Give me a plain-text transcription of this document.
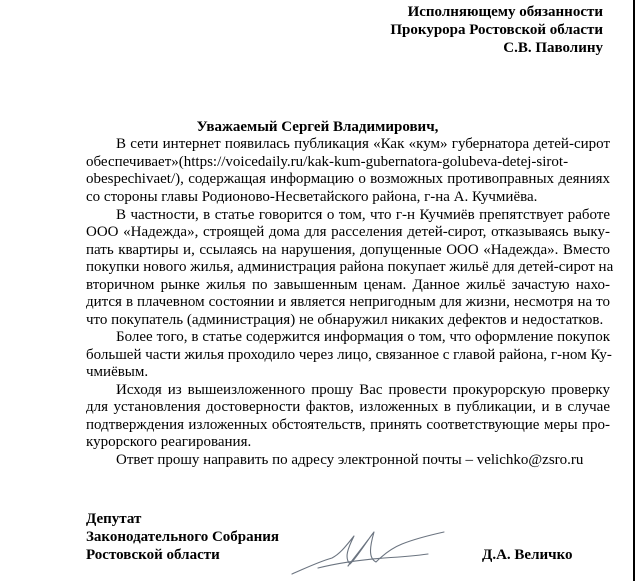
Исполняющему обязанности
Прокурора Ростовской области
С.В. Паволину
Уважаемый Сергей Владимирович,
В сети интернет появилась публикация «Как «кум» губернатора детей-сирот
обеспечивает»(https://voicedaily.ru/kak-kum-gubernatora-golubeva-detej-sirot-
obespechivaet/), содержащая информацию о возможных противоправных деяниях
со стороны главы Родионово-Несветайского района, г-на А. Кучмиёва.
В частности, в статье говорится о том, что г-н Кучмиёв препятствует работе
ООО «Надежда», строящей дома для расселения детей-сирот, отказываясь выку-
пать квартиры и, ссылаясь на нарушения, допущенные ООО «Надежда». Вместо
покупки нового жилья, администрация района покупает жильё для детей-сирот на
вторичном рынке жилья по завышенным ценам. Данное жильё зачастую нахо-
дится в плачевном состоянии и является непригодным для жизни, несмотря на то
что покупатель (администрация) не обнаружил никаких дефектов и недостатков.
Более того, в статье содержится информация о том, что оформление покупок
большей части жилья проходило через лицо, связанное с главой района, г-ном Ку-
чмиёвым.
Исходя из вышеизложенного прошу Вас провести прокурорскую проверку
для установления достоверности фактов, изложенных в публикации, и в случае
подтверждения изложенных обстоятельств, принять соответствующие меры про-
курорского реагирования.
Ответ прошу направить по адресу электронной почты – velichko@zsro.ru
Депутат
Законодательного Собрания
Ростовской области	Д.А. Величко
